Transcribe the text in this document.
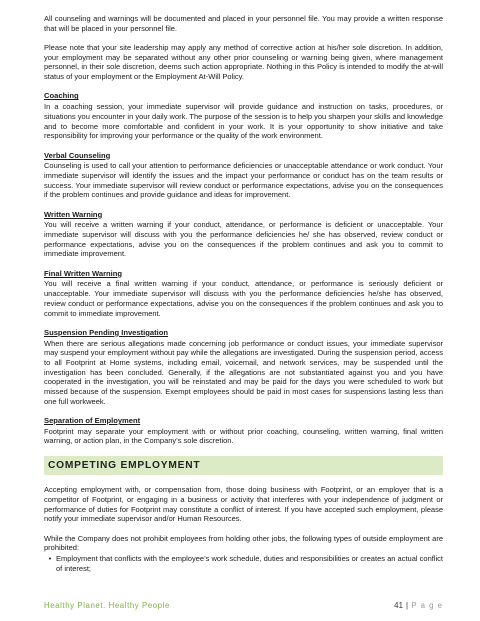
All counseling and warnings will be documented and placed in your personnel file. You may provide a written response that will be placed in your personnel file.

Please note that your site leadership may apply any method of corrective action at his/her sole discretion. In addition, your employment may be separated without any other prior counseling or warning being given, where management personnel, in their sole discretion, deems such action appropriate. Nothing in this Policy is intended to modify the at-will status of your employment or the Employment At-Will Policy.

Coaching

In a coaching session, your immediate supervisor will provide guidance and instruction on tasks, procedures, or situations you encounter in your daily work. The purpose of the session is to help you sharpen your skills and knowledge and to become more comfortable and confident in your work. It is your opportunity to show initiative and take responsibility for improving your performance or the quality of the work environment.

Verbal Counseling

Counseling is used to call your attention to performance deficiencies or unacceptable attendance or work conduct. Your immediate supervisor will identify the issues and the impact your performance or conduct has on the team results or success. Your immediate supervisor will review conduct or performance expectations, advise you on the consequences if the problem continues and provide guidance and ideas for improvement.

Written Warning

You will receive a written warning if your conduct, attendance, or performance is deficient or unacceptable. Your immediate supervisor will discuss with you the performance deficiencies he/ she has observed, review conduct or performance expectations, advise you on the consequences if the problem continues and ask you to commit to immediate improvement.

Final Written Warning

You will receive a final written warning if your conduct, attendance, or performance is seriously deficient or unacceptable. Your immediate supervisor will discuss with you the performance deficiencies he/she has observed, review conduct or performance expectations, advise you on the consequences if the problem continues and ask you to commit to immediate improvement.

Suspension Pending Investigation

When there are serious allegations made concerning job performance or conduct issues, your immediate supervisor may suspend your employment without pay while the allegations are investigated. During the suspension period, access to all Footprint at Home systems, including email, voicemail, and network services, may be suspended until the investigation has been concluded. Generally, if the allegations are not substantiated against you and you have cooperated in the investigation, you will be reinstated and may be paid for the days you were scheduled to work but missed because of the suspension. Exempt employees should be paid in most cases for suspensions lasting less than one full workweek.

Separation of Employment

Footprint may separate your employment with or without prior coaching, counseling, written warning, final written warning, or action plan, in the Company’s sole discretion.

COMPETING EMPLOYMENT

Accepting employment with, or compensation from, those doing business with Footprint, or an employer that is a competitor of Footprint, or engaging in a business or activity that interferes with your independence of judgment or performance of duties for Footprint may constitute a conflict of interest. If you have accepted such employment, please notify your immediate supervisor and/or Human Resources.

While the Company does not prohibit employees from holding other jobs, the following types of outside employment are prohibited:

• Employment that conflicts with the employee’s work schedule, duties and responsibilities or creates an actual conflict of interest;

Healthy Planet. Healthy People	41 | P a g e
